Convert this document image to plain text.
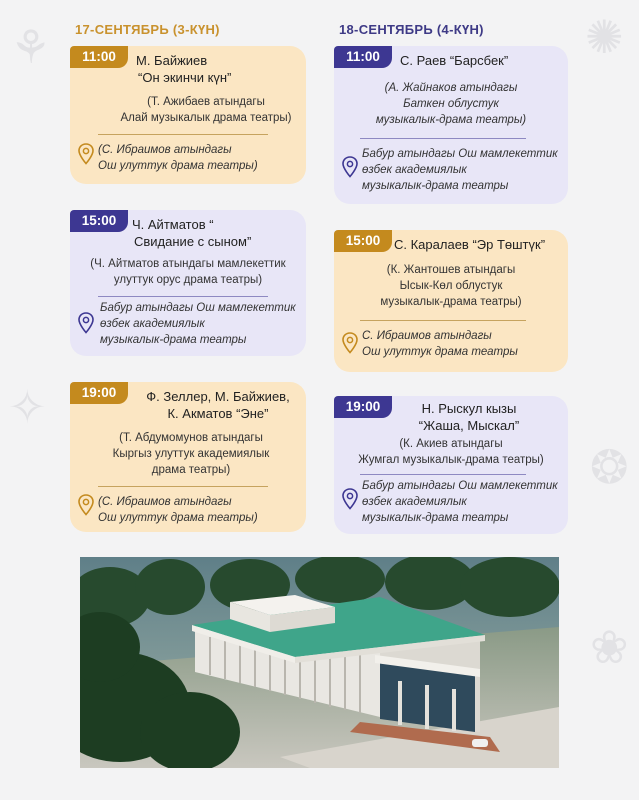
⚘	✺
❂
✧
❀
17-СЕНТЯБРЬ (3-КҮН)	18-СЕНТЯБРЬ (4-КҮН)
11:00	М. Байжиев
“Он экинчи күн”
(Т. Ажибаев атындагы
Алай музыкалык драма театры)
(С. Ибраимов атындагы
Ош улуттук драма театры)
15:00	Ч. Айтматов “
Свидание с сыном”
(Ч. Айтматов атындагы мамлекеттик
улуттук орус драма театры)
Бабур атындагы Ош мамлекеттик
өзбек академиялык
музыкалык-драма театры
19:00	Ф. Зеллер, М. Байжиев,
К. Акматов “Эне”
(Т. Абдумомунов атындагы
Кыргыз улуттук академиялык
драма театры)
(С. Ибраимов атындагы
Ош улуттук драма театры)
11:00	С. Раев “Барсбек”
(А. Жайнаков атындагы
Баткен облустук
музыкалык-драма театры)
Бабур атындагы Ош мамлекеттик
өзбек академиялык
музыкалык-драма театры
15:00	С. Каралаев “Эр Төштүк”
(К. Жантошев атындагы
Ысык-Көл облустук
музыкалык-драма театры)
С. Ибраимов атындагы
Ош улуттук драма театры
19:00	Н. Рыскул кызы
“Жаша, Мыскал”
(К. Акиев атындагы
Жумгал музыкалык-драма театры)
Бабур атындагы Ош мамлекеттик
өзбек академиялык
музыкалык-драма театры
